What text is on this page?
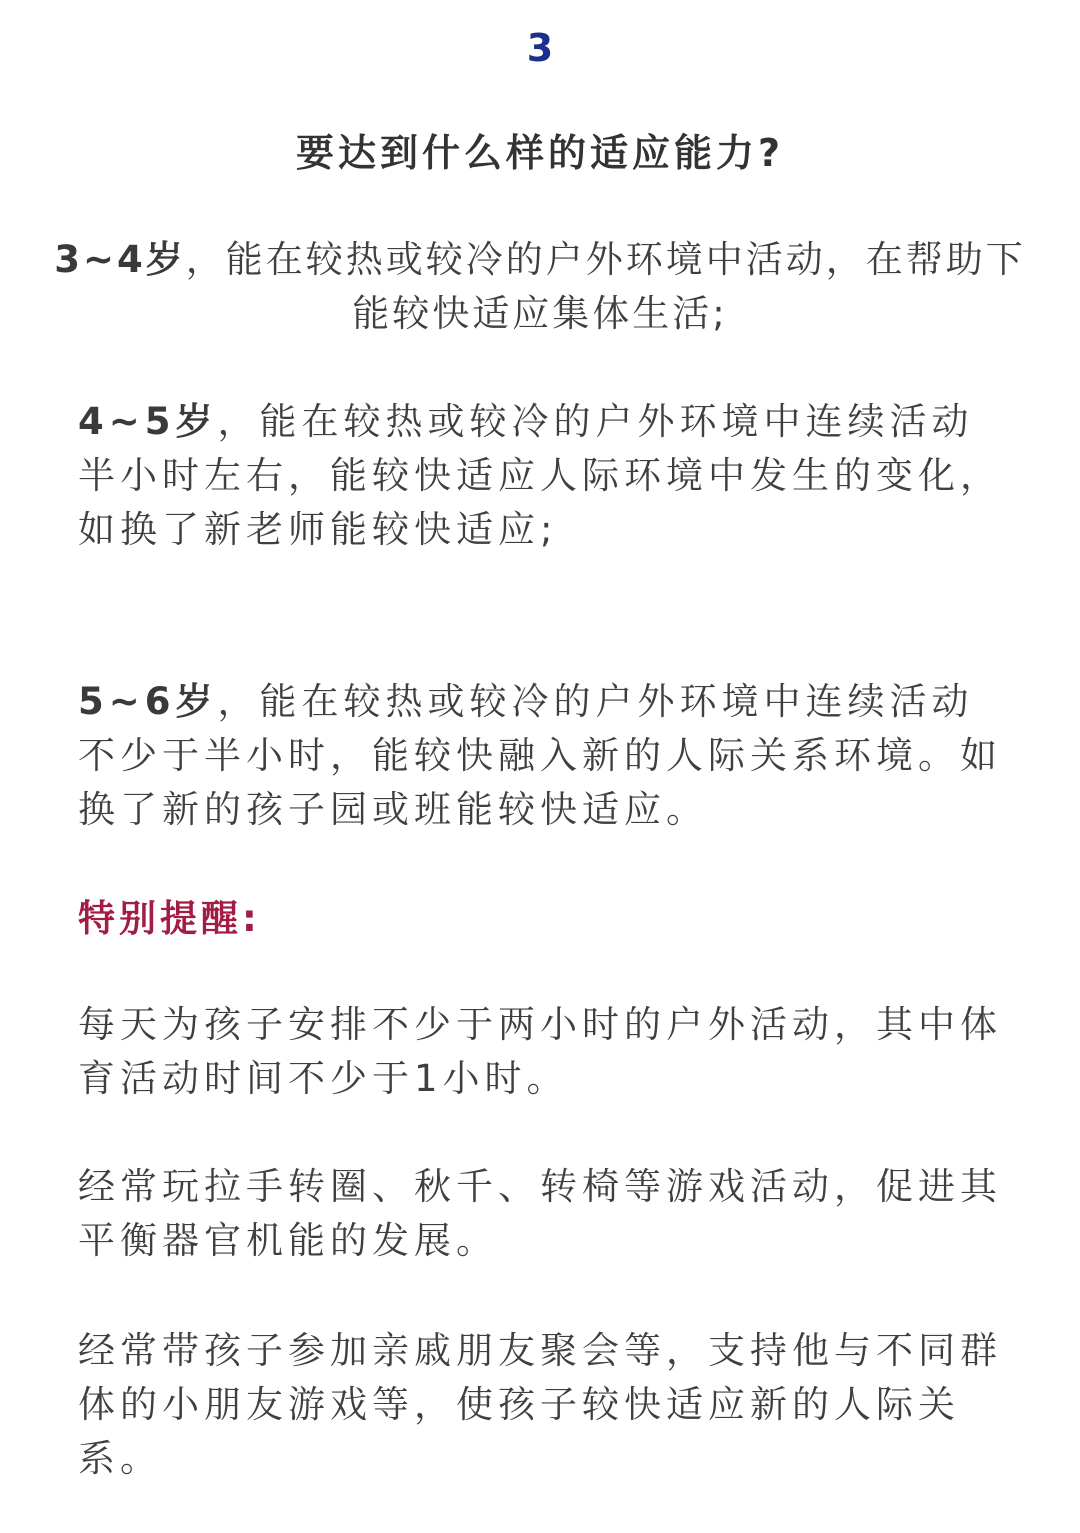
3
要达到什么样的适应能力?

3~4岁，能在较热或较冷的户外环境中活动，在帮助下能较快适应集体生活;

4~5岁，能在较热或较冷的户外环境中连续活动半小时左右，能较快适应人际环境中发生的变化，如换了新老师能较快适应;

5~6岁，能在较热或较冷的户外环境中连续活动不少于半小时，能较快融入新的人际关系环境。如换了新的孩子园或班能较快适应。

特别提醒:

每天为孩子安排不少于两小时的户外活动，其中体育活动时间不少于1小时。

经常玩拉手转圈、秋千、转椅等游戏活动，促进其平衡器官机能的发展。

经常带孩子参加亲戚朋友聚会等，支持他与不同群体的小朋友游戏等，使孩子较快适应新的人际关系。
